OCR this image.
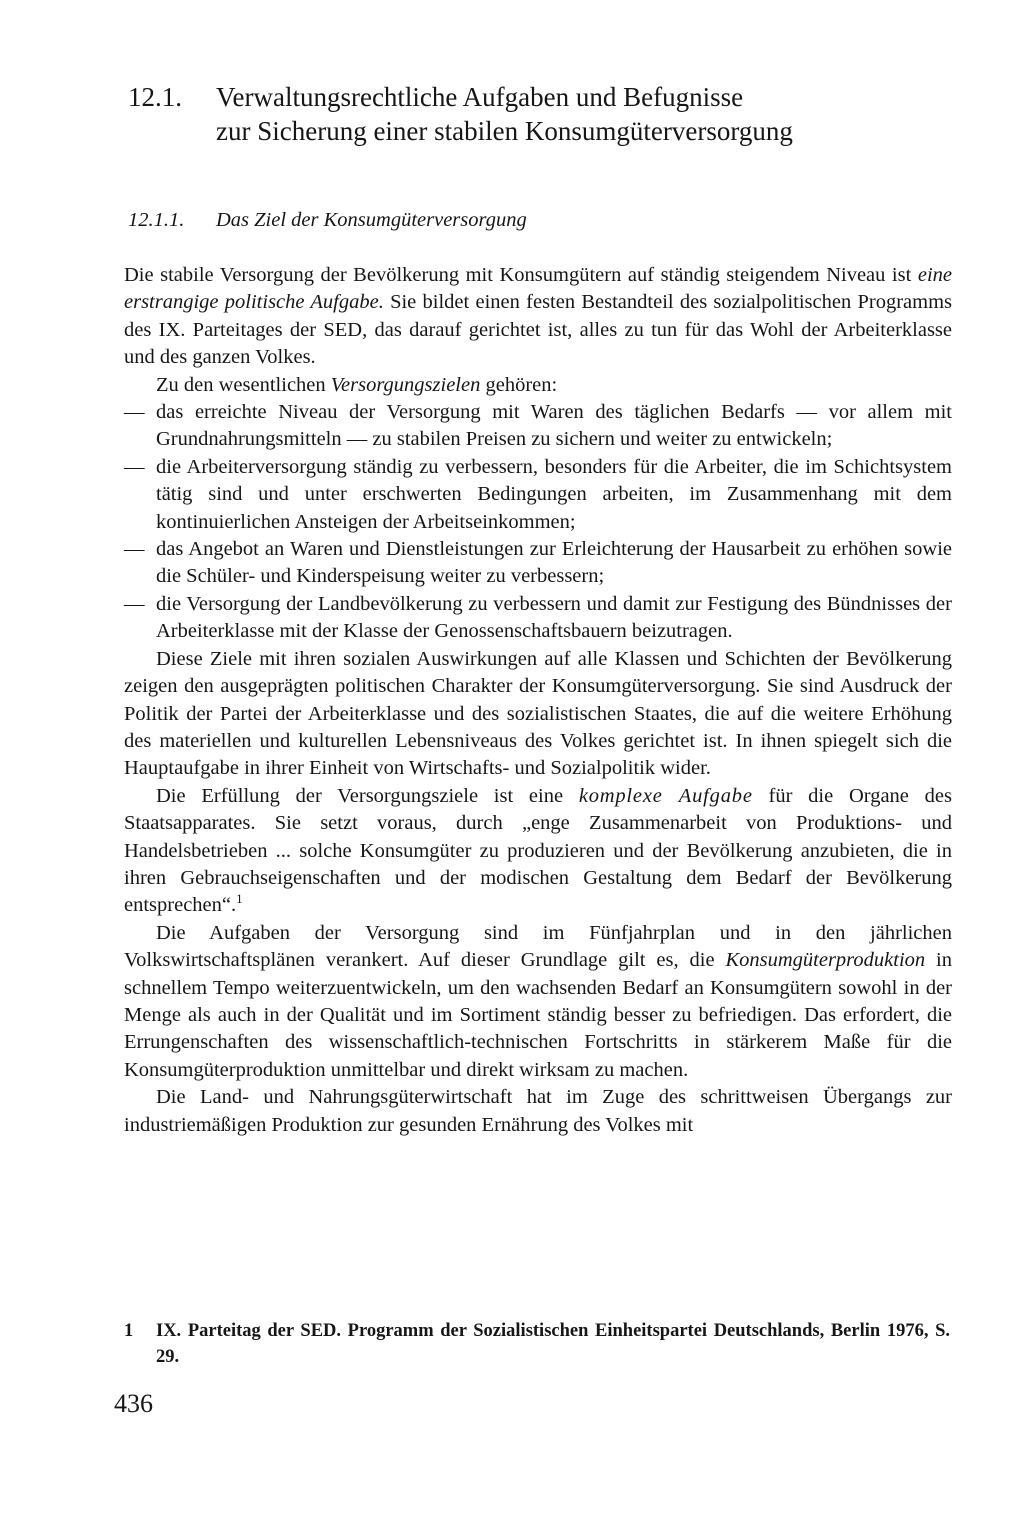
12.1. Verwaltungsrechtliche Aufgaben und Befugnisse
zur Sicherung einer stabilen Konsumgüterversorgung
12.1.1. Das Ziel der Konsumgüterversorgung

Die stabile Versorgung der Bevölkerung mit Konsumgütern auf ständig steigendem Niveau ist eine erstrangige politische Aufgabe. Sie bildet einen festen Bestandteil des sozialpolitischen Programms des IX. Parteitages der SED, das darauf gerichtet ist, alles zu tun für das Wohl der Arbeiterklasse und des ganzen Volkes.

Zu den wesentlichen Versorgungszielen gehören:

— das erreichte Niveau der Versorgung mit Waren des täglichen Bedarfs — vor allem mit Grundnahrungsmitteln — zu stabilen Preisen zu sichern und weiter zu entwickeln;
— die Arbeiterversorgung ständig zu verbessern, besonders für die Arbeiter, die im Schichtsystem tätig sind und unter erschwerten Bedingungen arbeiten, im Zusammenhang mit dem kontinuierlichen Ansteigen der Arbeitseinkommen;
— das Angebot an Waren und Dienstleistungen zur Erleichterung der Hausarbeit zu erhöhen sowie die Schüler- und Kinderspeisung weiter zu verbessern;
— die Versorgung der Landbevölkerung zu verbessern und damit zur Festigung des Bündnisses der Arbeiterklasse mit der Klasse der Genossenschaftsbauern beizutragen.

Diese Ziele mit ihren sozialen Auswirkungen auf alle Klassen und Schichten der Bevölkerung zeigen den ausgeprägten politischen Charakter der Konsumgüterversorgung. Sie sind Ausdruck der Politik der Partei der Arbeiterklasse und des sozialistischen Staates, die auf die weitere Erhöhung des materiellen und kulturellen Lebensniveaus des Volkes gerichtet ist. In ihnen spiegelt sich die Hauptaufgabe in ihrer Einheit von Wirtschafts- und Sozialpolitik wider.

Die Erfüllung der Versorgungsziele ist eine komplexe Aufgabe für die Organe des Staatsapparates. Sie setzt voraus, durch „enge Zusammenarbeit von Produktions- und Handelsbetrieben ... solche Konsumgüter zu produzieren und der Bevölkerung anzubieten, die in ihren Gebrauchseigenschaften und der modischen Gestaltung dem Bedarf der Bevölkerung entsprechen“.$^1$

Die Aufgaben der Versorgung sind im Fünfjahrplan und in den jährlichen Volkswirtschaftsplänen verankert. Auf dieser Grundlage gilt es, die Konsumgüterproduktion in schnellem Tempo weiterzuentwickeln, um den wachsenden Bedarf an Konsumgütern sowohl in der Menge als auch in der Qualität und im Sortiment ständig besser zu befriedigen. Das erfordert, die Errungenschaften des wissenschaftlich-technischen Fortschritts in stärkerem Maße für die Konsumgüterproduktion unmittelbar und direkt wirksam zu machen.

Die Land- und Nahrungsgüterwirtschaft hat im Zuge des schrittweisen Übergangs zur industriemäßigen Produktion zur gesunden Ernährung des Volkes mit

1	IX. Parteitag der SED. Programm der Sozialistischen Einheitspartei Deutschlands, Berlin 1976, S. 29.
436
